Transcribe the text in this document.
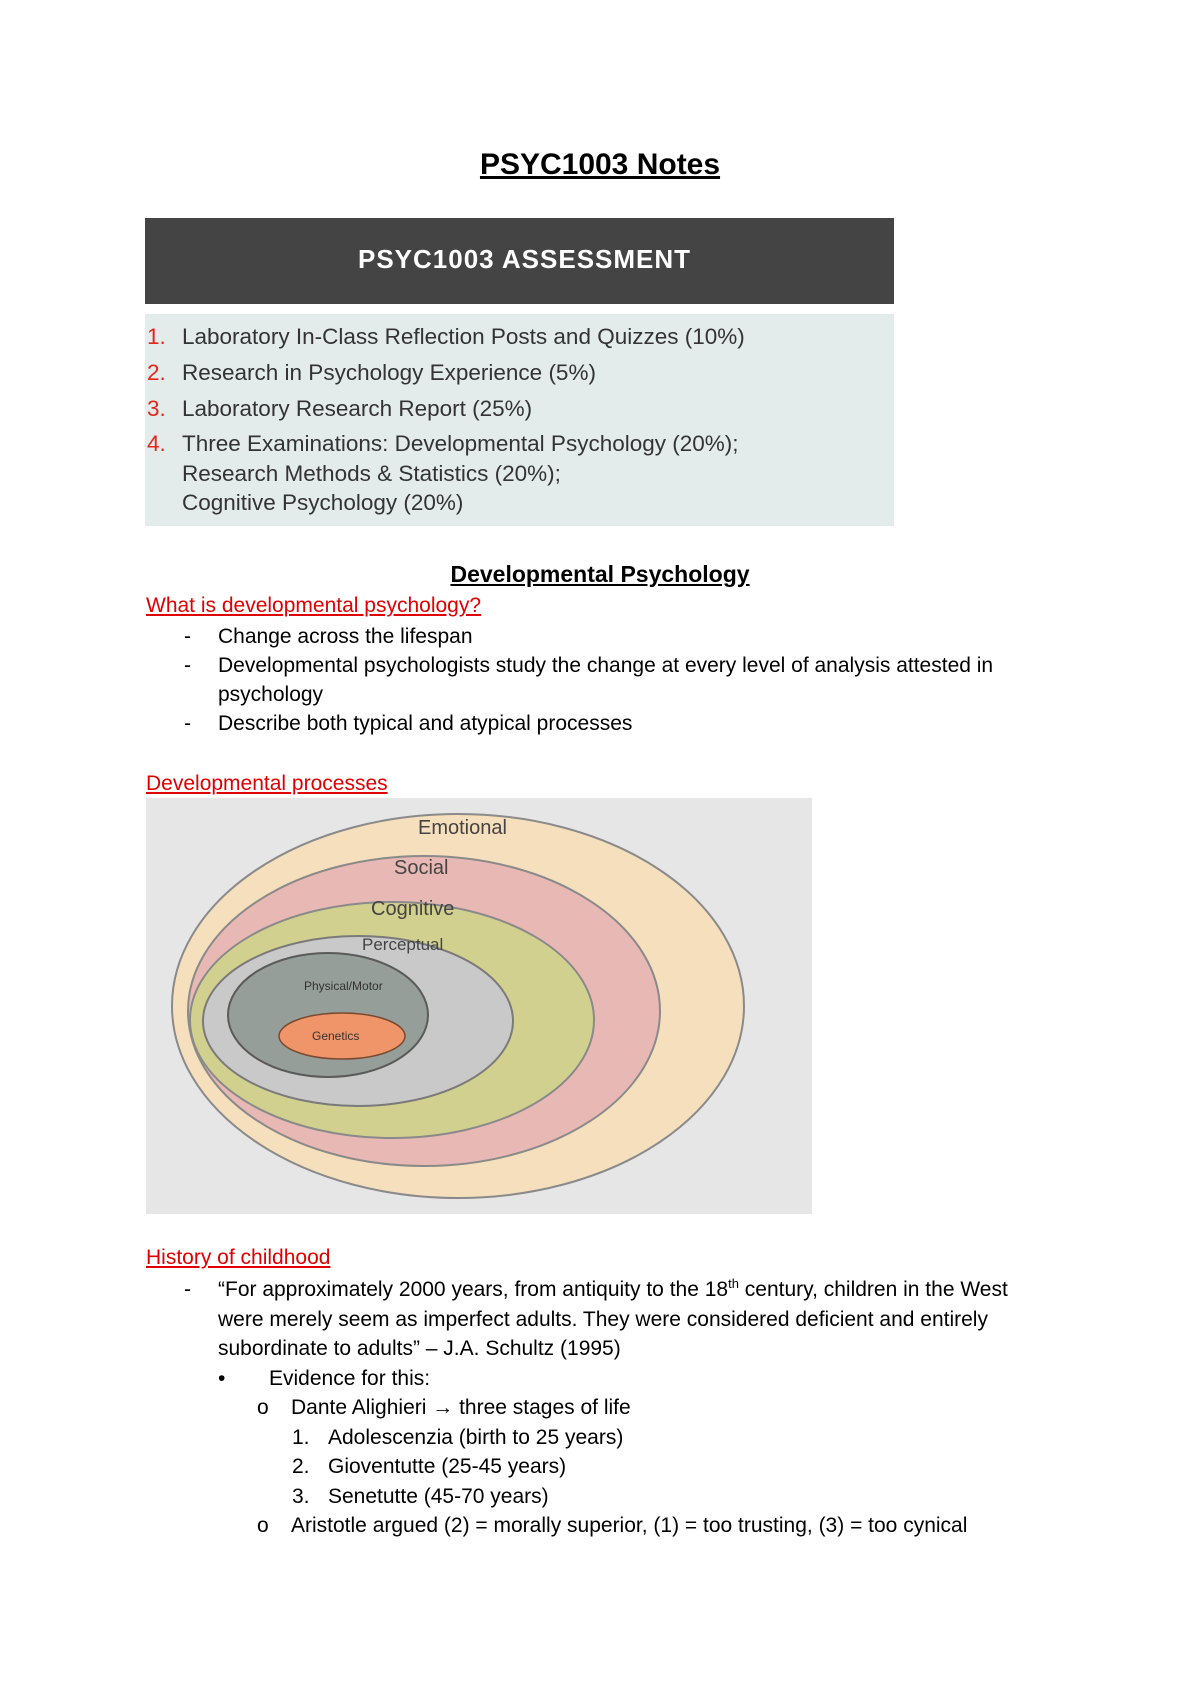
PSYC1003 Notes
PSYC1003 ASSESSMENT
1. Laboratory In-Class Reflection Posts and Quizzes (10%)
2. Research in Psychology Experience (5%)
3. Laboratory Research Report (25%)
4. Three Examinations: Developmental Psychology (20%);
Research Methods & Statistics (20%);
Cognitive Psychology (20%)
Developmental Psychology
What is developmental psychology?
- Change across the lifespan
- Developmental psychologists study the change at every level of analysis attested in psychology
- Describe both typical and atypical processes
Developmental processes
Emotional
Social
Cognitive
Perceptual
Physical/Motor
Genetics
History of childhood
- “For approximately 2000 years, from antiquity to the 18th century, children in the West were merely seem as imperfect adults. They were considered deficient and entirely subordinate to adults” – J.A. Schultz (1995)
• Evidence for this:
o Dante Alighieri → three stages of life
1. Adolescenzia (birth to 25 years)
2. Gioventutte (25-45 years)
3. Senetutte (45-70 years)
o Aristotle argued (2) = morally superior, (1) = too trusting, (3) = too cynical
